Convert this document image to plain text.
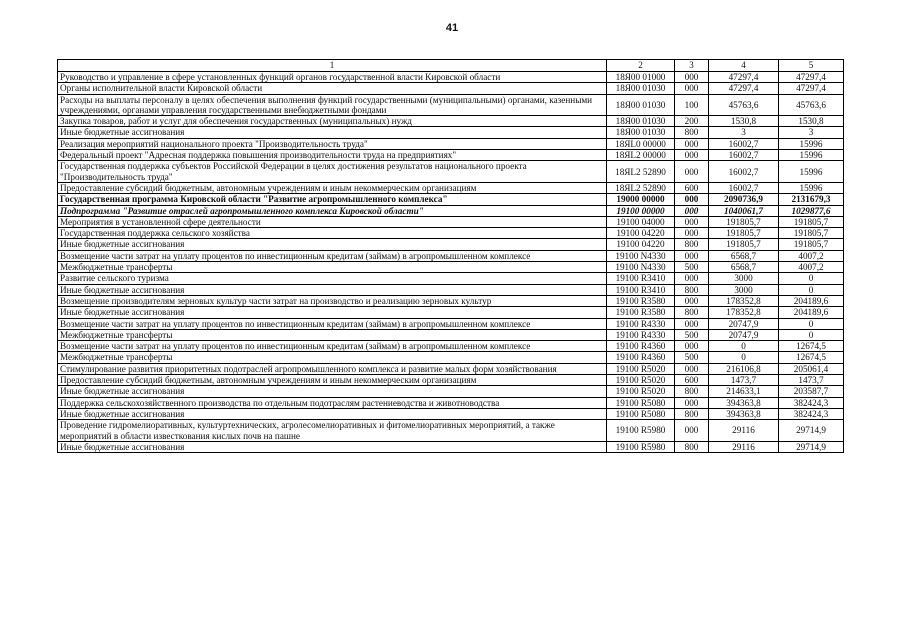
41
1	2	3	4	5
Руководство и управление в сфере установленных функций органов государственной власти Кировской области	18Я00 01000	000	47297,4	47297,4
Органы исполнительной власти Кировской области	18Я00 01030	000	47297,4	47297,4
Расходы на выплаты персоналу в целях обеспечения выполнения функций государственными (муниципальными) органами, казенными учреждениями, органами управления государственными внебюджетными фондами	18Я00 01030	100	45763,6	45763,6
Закупка товаров, работ и услуг для обеспечения государственных (муниципальных) нужд	18Я00 01030	200	1530,8	1530,8
Иные бюджетные ассигнования	18Я00 01030	800	3	3
Реализация мероприятий национального проекта "Производительность труда"	18ЯL0 00000	000	16002,7	15996
Федеральный проект "Адресная поддержка повышения производительности труда на предприятиях"	18ЯL2 00000	000	16002,7	15996
Государственная поддержка субъектов Российской Федерации в целях достижения результатов национального проекта "Производительность труда"	18ЯL2 52890	000	16002,7	15996
Предоставление субсидий бюджетным, автономным учреждениям и иным некоммерческим организациям	18ЯL2 52890	600	16002,7	15996
Государственная программа Кировской области "Развитие агропромышленного комплекса"	19000 00000	000	2090736,9	2131679,3
Подпрограмма "Развитие отраслей агропромышленного комплекса Кировской области"	19100 00000	000	1040061,7	1029877,6
Мероприятия в установленной сфере деятельности	19100 04000	000	191805,7	191805,7
Государственная поддержка сельского хозяйства	19100 04220	000	191805,7	191805,7
Иные бюджетные ассигнования	19100 04220	800	191805,7	191805,7
Возмещение части затрат на уплату процентов по инвестиционным кредитам (займам) в агропромышленном комплексе	19100 N4330	000	6568,7	4007,2
Межбюджетные трансферты	19100 N4330	500	6568,7	4007,2
Развитие сельского туризма	19100 R3410	000	3000	0
Иные бюджетные ассигнования	19100 R3410	800	3000	0
Возмещение производителям зерновых культур части затрат на производство и реализацию зерновых культур	19100 R3580	000	178352,8	204189,6
Иные бюджетные ассигнования	19100 R3580	800	178352,8	204189,6
Возмещение части затрат на уплату процентов по инвестиционным кредитам (займам) в агропромышленном комплексе	19100 R4330	000	20747,9	0
Межбюджетные трансферты	19100 R4330	500	20747,9	0
Возмещение части затрат на уплату процентов по инвестиционным кредитам (займам) в агропромышленном комплексе	19100 R4360	000	0	12674,5
Межбюджетные трансферты	19100 R4360	500	0	12674,5
Стимулирование развития приоритетных подотраслей агропромышленного комплекса и развитие малых форм хозяйствования	19100 R5020	000	216106,8	205061,4
Предоставление субсидий бюджетным, автономным учреждениям и иным некоммерческим организациям	19100 R5020	600	1473,7	1473,7
Иные бюджетные ассигнования	19100 R5020	800	214633,1	203587,7
Поддержка сельскохозяйственного производства по отдельным подотраслям растениеводства и животноводства	19100 R5080	000	394363,8	382424,3
Иные бюджетные ассигнования	19100 R5080	800	394363,8	382424,3
Проведение гидромелиоративных, культуртехнических, агролесомелиоративных и фитомелиоративных мероприятий, а также мероприятий в области известкования кислых почв на пашне	19100 R5980	000	29116	29714,9
Иные бюджетные ассигнования	19100 R5980	800	29116	29714,9
